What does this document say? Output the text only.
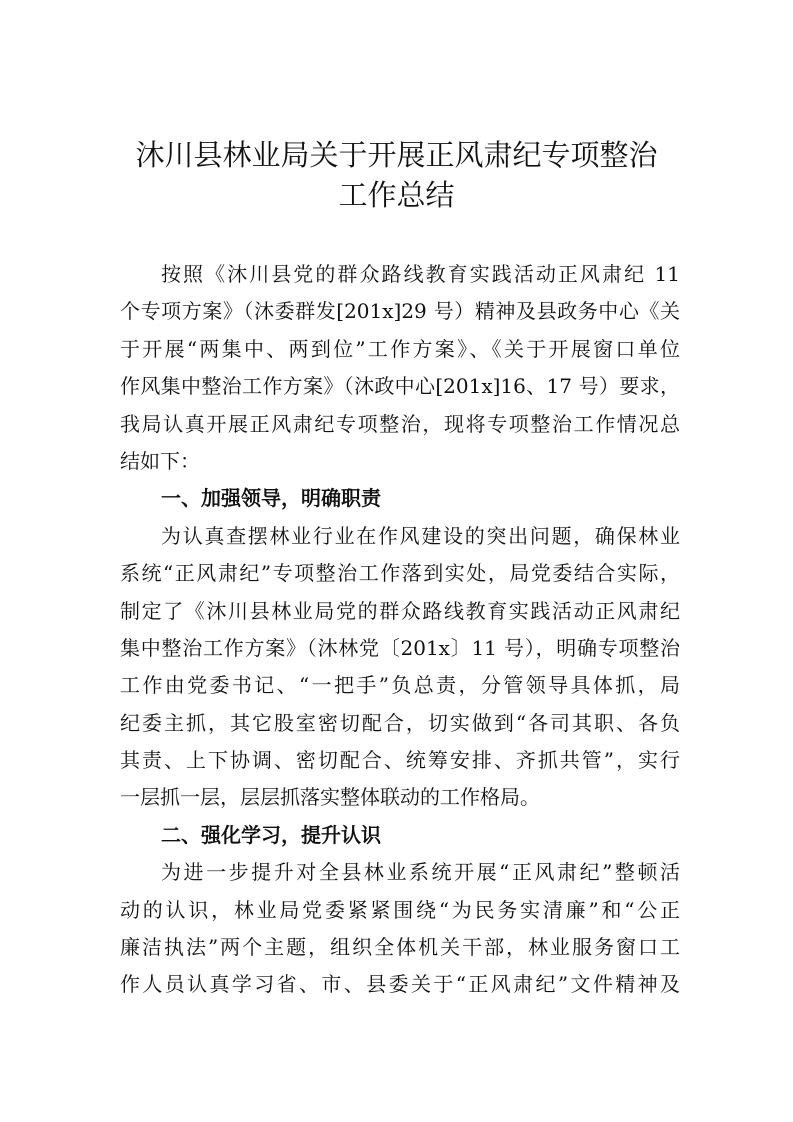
沐川县林业局关于开展正风肃纪专项整治
工作总结
按照《沐川县党的群众路线教育实践活动正风肃纪 11
个专项方案》（沐委群发[201x]29 号）精神及县政务中心《关
于开展“两集中、两到位”工作方案》、《关于开展窗口单位
作风集中整治工作方案》（沐政中心[201x]16、17 号）要求，
我局认真开展正风肃纪专项整治，现将专项整治工作情况总
结如下：
一、加强领导，明确职责
为认真查摆林业行业在作风建设的突出问题，确保林业
系统“正风肃纪”专项整治工作落到实处，局党委结合实际，
制定了《沐川县林业局党的群众路线教育实践活动正风肃纪
集中整治工作方案》（沐林党〔201x〕11 号），明确专项整治
工作由党委书记、“一把手”负总责，分管领导具体抓，局
纪委主抓，其它股室密切配合，切实做到“各司其职、各负
其责、上下协调、密切配合、统筹安排、齐抓共管”，实行
一层抓一层，层层抓落实整体联动的工作格局。
二、强化学习，提升认识
为进一步提升对全县林业系统开展“正风肃纪”整顿活
动的认识，林业局党委紧紧围绕“为民务实清廉”和“公正
廉洁执法”两个主题，组织全体机关干部，林业服务窗口工
作人员认真学习省、市、县委关于“正风肃纪”文件精神及
